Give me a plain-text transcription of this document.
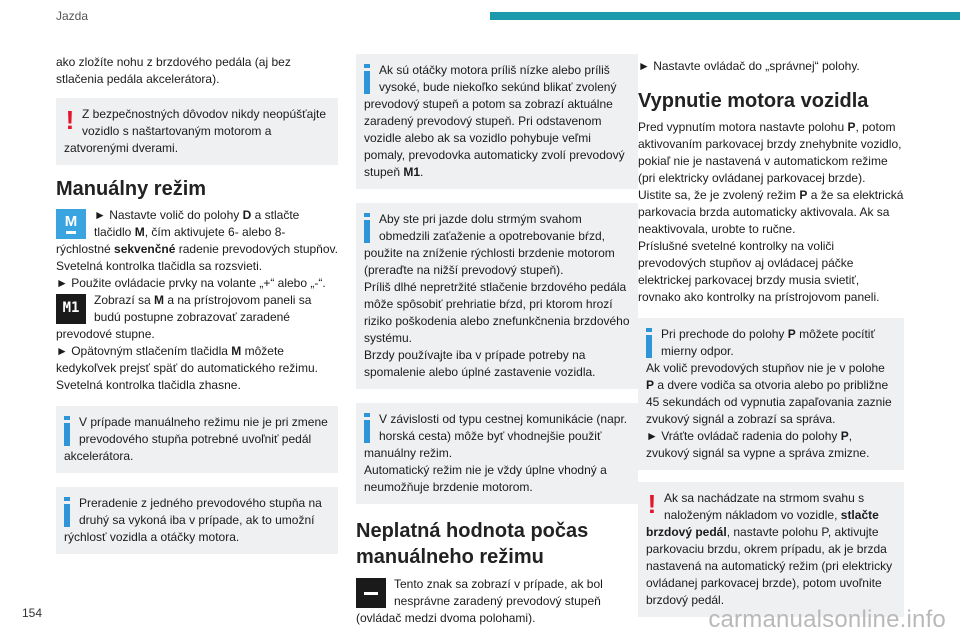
Jazda

ako zložíte nohu z brzdového pedála (aj bez stlačenia pedála akcelerátora).

! Z bezpečnostných dôvodov nikdy neopúšťajte vozidlo s naštartovaným motorom a zatvorenými dverami.
Manuálny režim
M	► Nastavte volič do polohy D a stlačte tlačidlo M, čím aktivujete 6- alebo 8-rýchlostné sekvenčné radenie prevodových stupňov.

Svetelná kontrolka tlačidla sa rozsvieti.

► Použite ovládacie prvky na volante „+“ alebo „-“.

M1	Zobrazí sa M a na prístrojovom paneli sa budú postupne zobrazovať zaradené prevodové stupne.

► Opätovným stlačením tlačidla M môžete kedykoľvek prejsť späť do automatického režimu.

Svetelná kontrolka tlačidla zhasne.

V prípade manuálneho režimu nie je pri zmene prevodového stupňa potrebné uvoľniť pedál akcelerátora.
Preradenie z jedného prevodového stupňa na druhý sa vykoná iba v prípade, ak to umožní rýchlosť vozidla a otáčky motora.
Ak sú otáčky motora príliš nízke alebo príliš vysoké, bude niekoľko sekúnd blikať zvolený prevodový stupeň a potom sa zobrazí aktuálne zaradený prevodový stupeň. Pri odstavenom vozidle alebo ak sa vozidlo pohybuje veľmi pomaly, prevodovka automaticky zvolí prevodový stupeň M1.
Aby ste pri jazde dolu strmým svahom obmedzili zaťaženie a opotrebovanie bŕzd, použite na zníženie rýchlosti brzdenie motorom (preraďte na nižší prevodový stupeň).

Príliš dlhé nepretržité stlačenie brzdového pedála môže spôsobiť prehriatie bŕzd, pri ktorom hrozí riziko poškodenia alebo znefunkčnenia brzdového systému.

Brzdy používajte iba v prípade potreby na spomalenie alebo úplné zastavenie vozidla.

V závislosti od typu cestnej komunikácie (napr. horská cesta) môže byť vhodnejšie použiť manuálny režim.

Automatický režim nie je vždy úplne vhodný a neumožňuje brzdenie motorom.

Neplatná hodnota počas manuálneho režimu
Tento znak sa zobrazí v prípade, ak bol nesprávne zaradený prevodový stupeň (ovládač medzi dvoma polohami).

► Nastavte ovládač do „správnej“ polohy.

Vypnutie motora vozidla

Pred vypnutím motora nastavte polohu P, potom aktivovaním parkovacej brzdy znehybnite vozidlo, pokiaľ nie je nastavená v automatickom režime (pri elektricky ovládanej parkovacej brzde).

Uistite sa, že je zvolený režim P a že sa elektrická parkovacia brzda automaticky aktivovala. Ak sa neaktivovala, urobte to ručne.

Príslušné svetelné kontrolky na voliči prevodových stupňov aj ovládacej páčke elektrickej parkovacej brzdy musia svietiť, rovnako ako kontrolky na prístrojovom paneli.

Pri prechode do polohy P môžete pocítiť mierny odpor.

Ak volič prevodových stupňov nie je v polohe P a dvere vodiča sa otvoria alebo po približne 45 sekundách od vypnutia zapaľovania zaznie zvukový signál a zobrazí sa správa.

► Vráťte ovládač radenia do polohy P, zvukový signál sa vypne a správa zmizne.

! Ak sa nachádzate na strmom svahu s naloženým nákladom vo vozidle, stlačte brzdový pedál, nastavte polohu P, aktivujte parkovaciu brzdu, okrem prípadu, ak je brzda nastavená na automatický režim (pri elektricky ovládanej parkovacej brzde), potom uvoľnite brzdový pedál.
154	carmanualsonline.info
